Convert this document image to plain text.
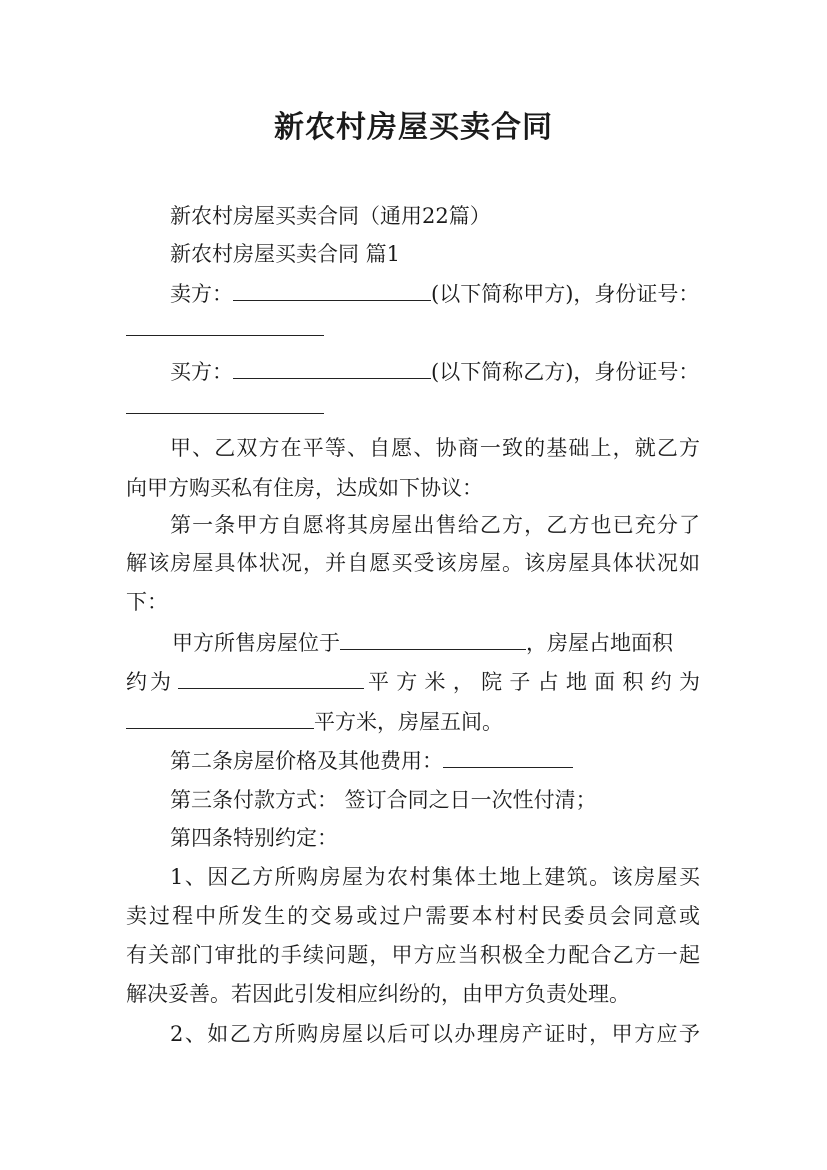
新农村房屋买卖合同
新农村房屋买卖合同（通用22篇）
新农村房屋买卖合同 篇1
卖方：	(以下简称甲方)，身份证号：
买方：	(以下简称乙方)，身份证号：
甲、乙双方在平等、自愿、协商一致的基础上，就乙方
向甲方购买私有住房，达成如下协议：
第一条甲方自愿将其房屋出售给乙方，乙方也已充分了
解该房屋具体状况，并自愿买受该房屋。该房屋具体状况如
下：
甲方所售房屋位于	，房屋占地面积
约为	平方米，院子占地面积约为
平方米，房屋五间。
第二条房屋价格及其他费用：
第三条付款方式： 签订合同之日一次性付清；
第四条特别约定：
1、因乙方所购房屋为农村集体土地上建筑。该房屋买
卖过程中所发生的交易或过户需要本村村民委员会同意或
有关部门审批的手续问题，甲方应当积极全力配合乙方一起
解决妥善。若因此引发相应纠纷的，由甲方负责处理。
2、如乙方所购房屋以后可以办理房产证时，甲方应予
